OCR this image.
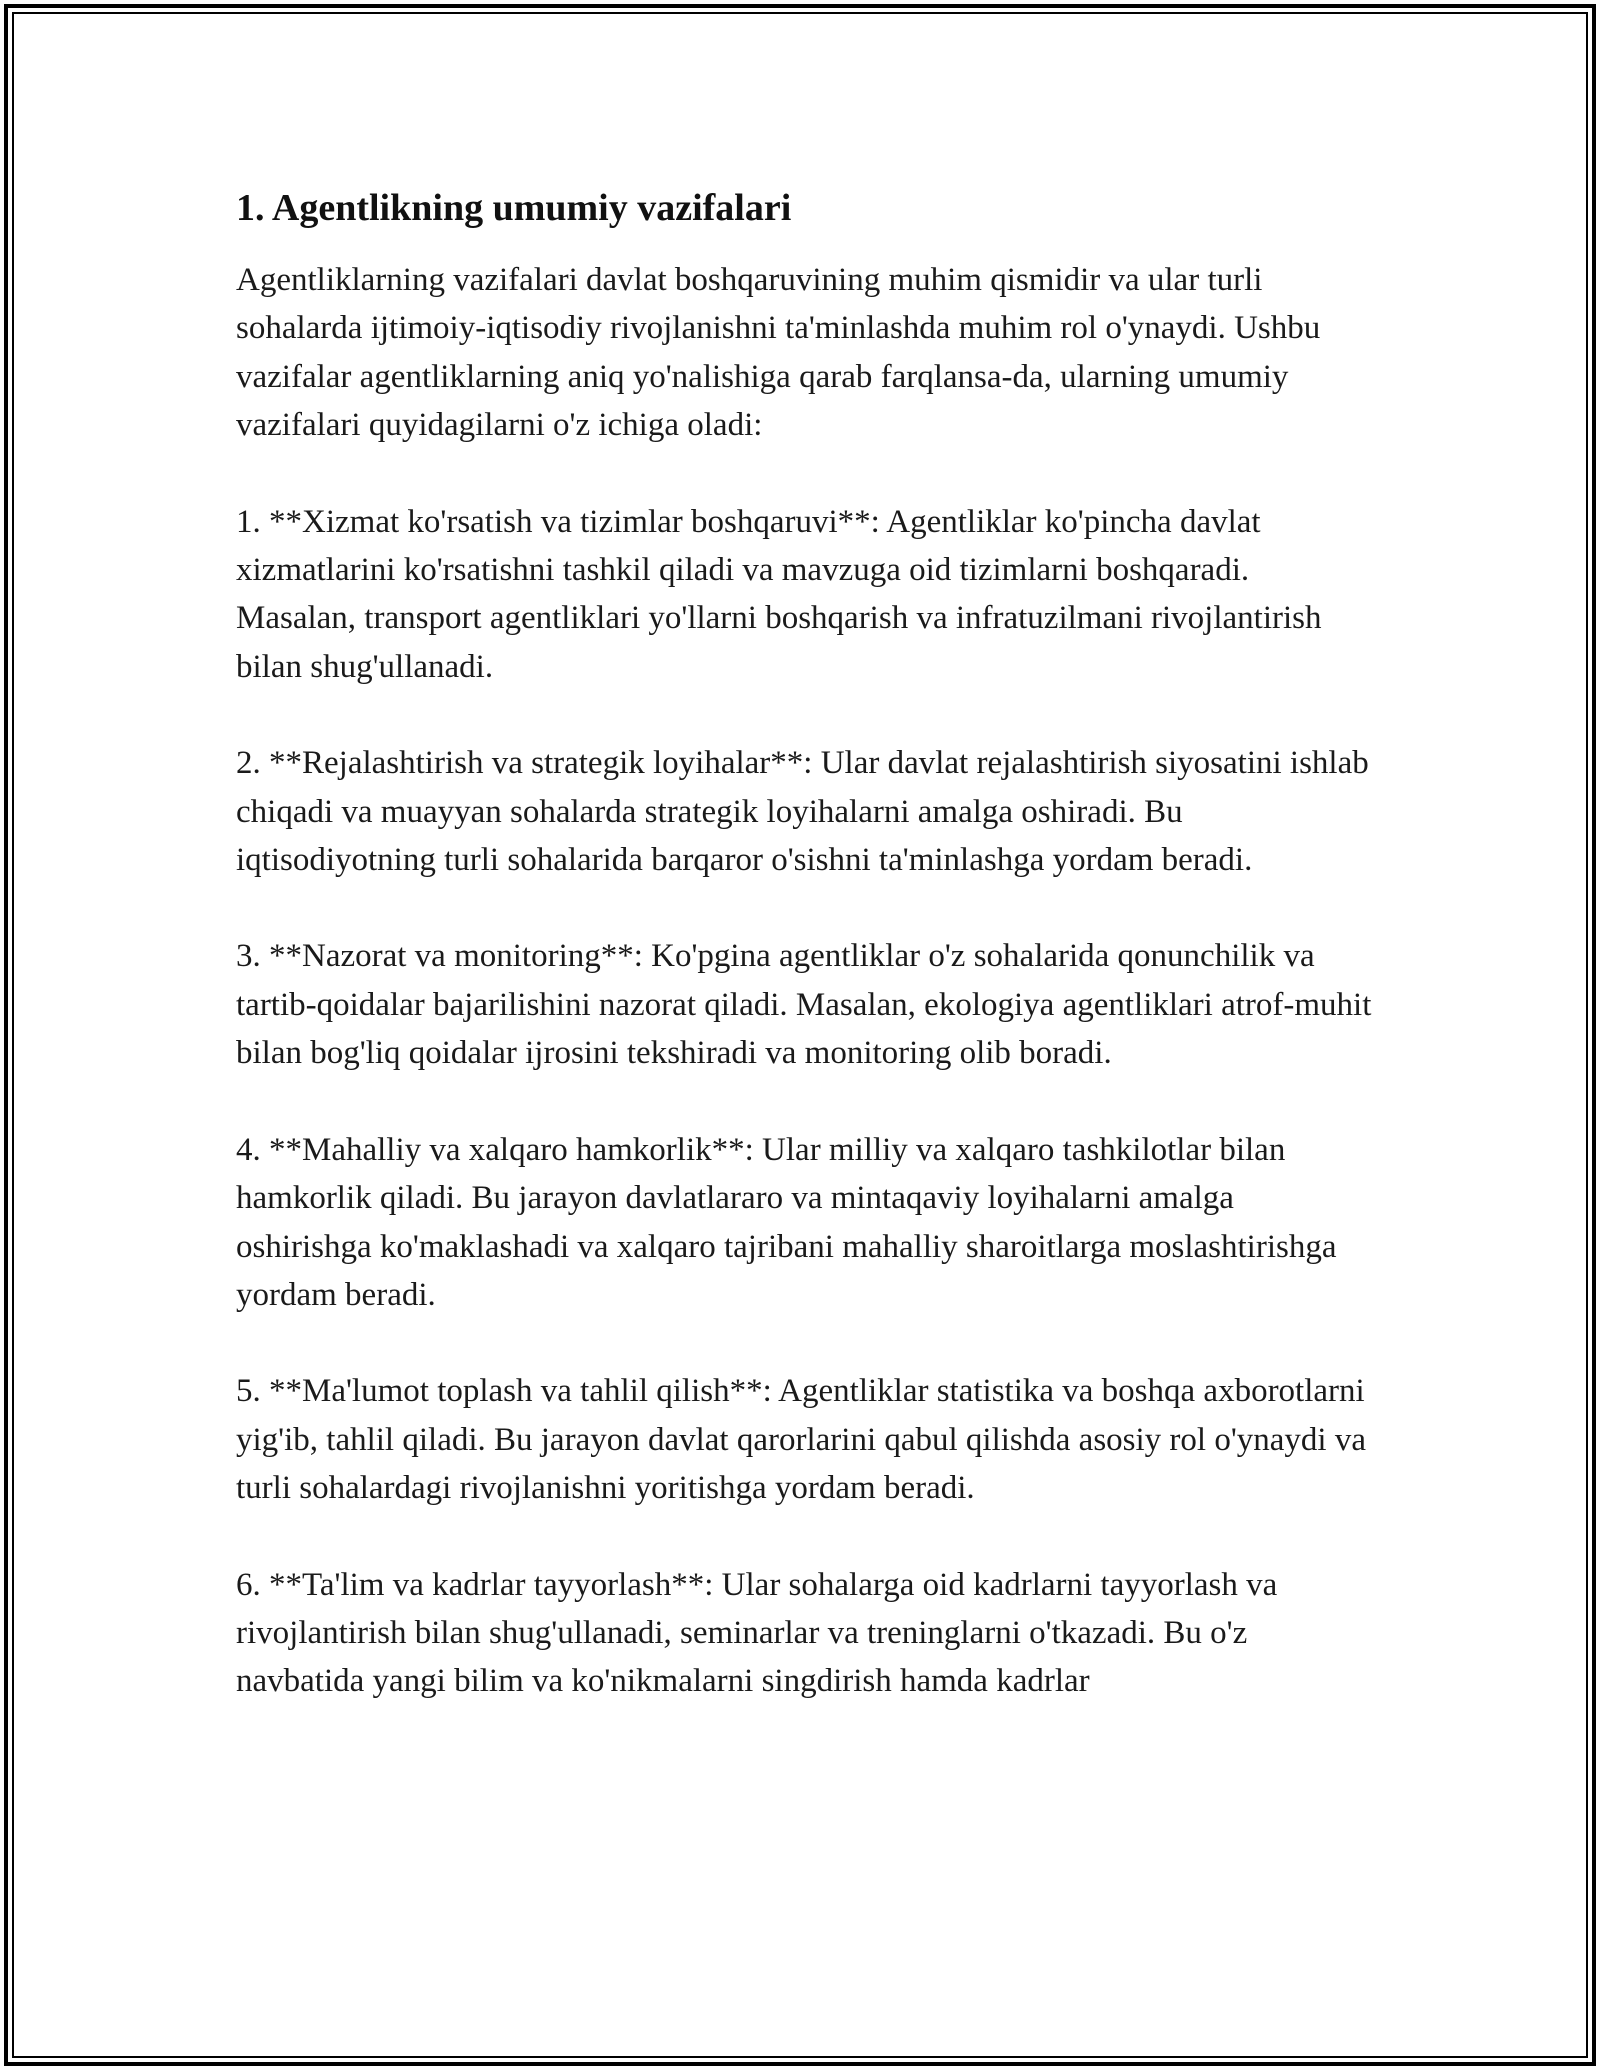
1. Agentlikning umumiy vazifalari

Agentliklarning vazifalari davlat boshqaruvining muhim qismidir va ular turli sohalarda ijtimoiy-iqtisodiy rivojlanishni ta'minlashda muhim rol o'ynaydi. Ushbu vazifalar agentliklarning aniq yo'nalishiga qarab farqlansa-da, ularning umumiy vazifalari quyidagilarni o'z ichiga oladi:

1. **Xizmat ko'rsatish va tizimlar boshqaruvi**: Agentliklar ko'pincha davlat xizmatlarini ko'rsatishni tashkil qiladi va mavzuga oid tizimlarni boshqaradi. Masalan, transport agentliklari yo'llarni boshqarish va infratuzilmani rivojlantirish bilan shug'ullanadi.

2. **Rejalashtirish va strategik loyihalar**: Ular davlat rejalashtirish siyosatini ishlab chiqadi va muayyan sohalarda strategik loyihalarni amalga oshiradi. Bu iqtisodiyotning turli sohalarida barqaror o'sishni ta'minlashga yordam beradi.

3. **Nazorat va monitoring**: Ko'pgina agentliklar o'z sohalarida qonunchilik va tartib-qoidalar bajarilishini nazorat qiladi. Masalan, ekologiya agentliklari atrof-muhit bilan bog'liq qoidalar ijrosini tekshiradi va monitoring olib boradi.

4. **Mahalliy va xalqaro hamkorlik**: Ular milliy va xalqaro tashkilotlar bilan hamkorlik qiladi. Bu jarayon davlatlararo va mintaqaviy loyihalarni amalga oshirishga ko'maklashadi va xalqaro tajribani mahalliy sharoitlarga moslashtirishga yordam beradi.

5. **Ma'lumot toplash va tahlil qilish**: Agentliklar statistika va boshqa axborotlarni yig'ib, tahlil qiladi. Bu jarayon davlat qarorlarini qabul qilishda asosiy rol o'ynaydi va turli sohalardagi rivojlanishni yoritishga yordam beradi.

6. **Ta'lim va kadrlar tayyorlash**: Ular sohalarga oid kadrlarni tayyorlash va rivojlantirish bilan shug'ullanadi, seminarlar va treninglarni o'tkazadi. Bu o'z navbatida yangi bilim va ko'nikmalarni singdirish hamda kadrlar
